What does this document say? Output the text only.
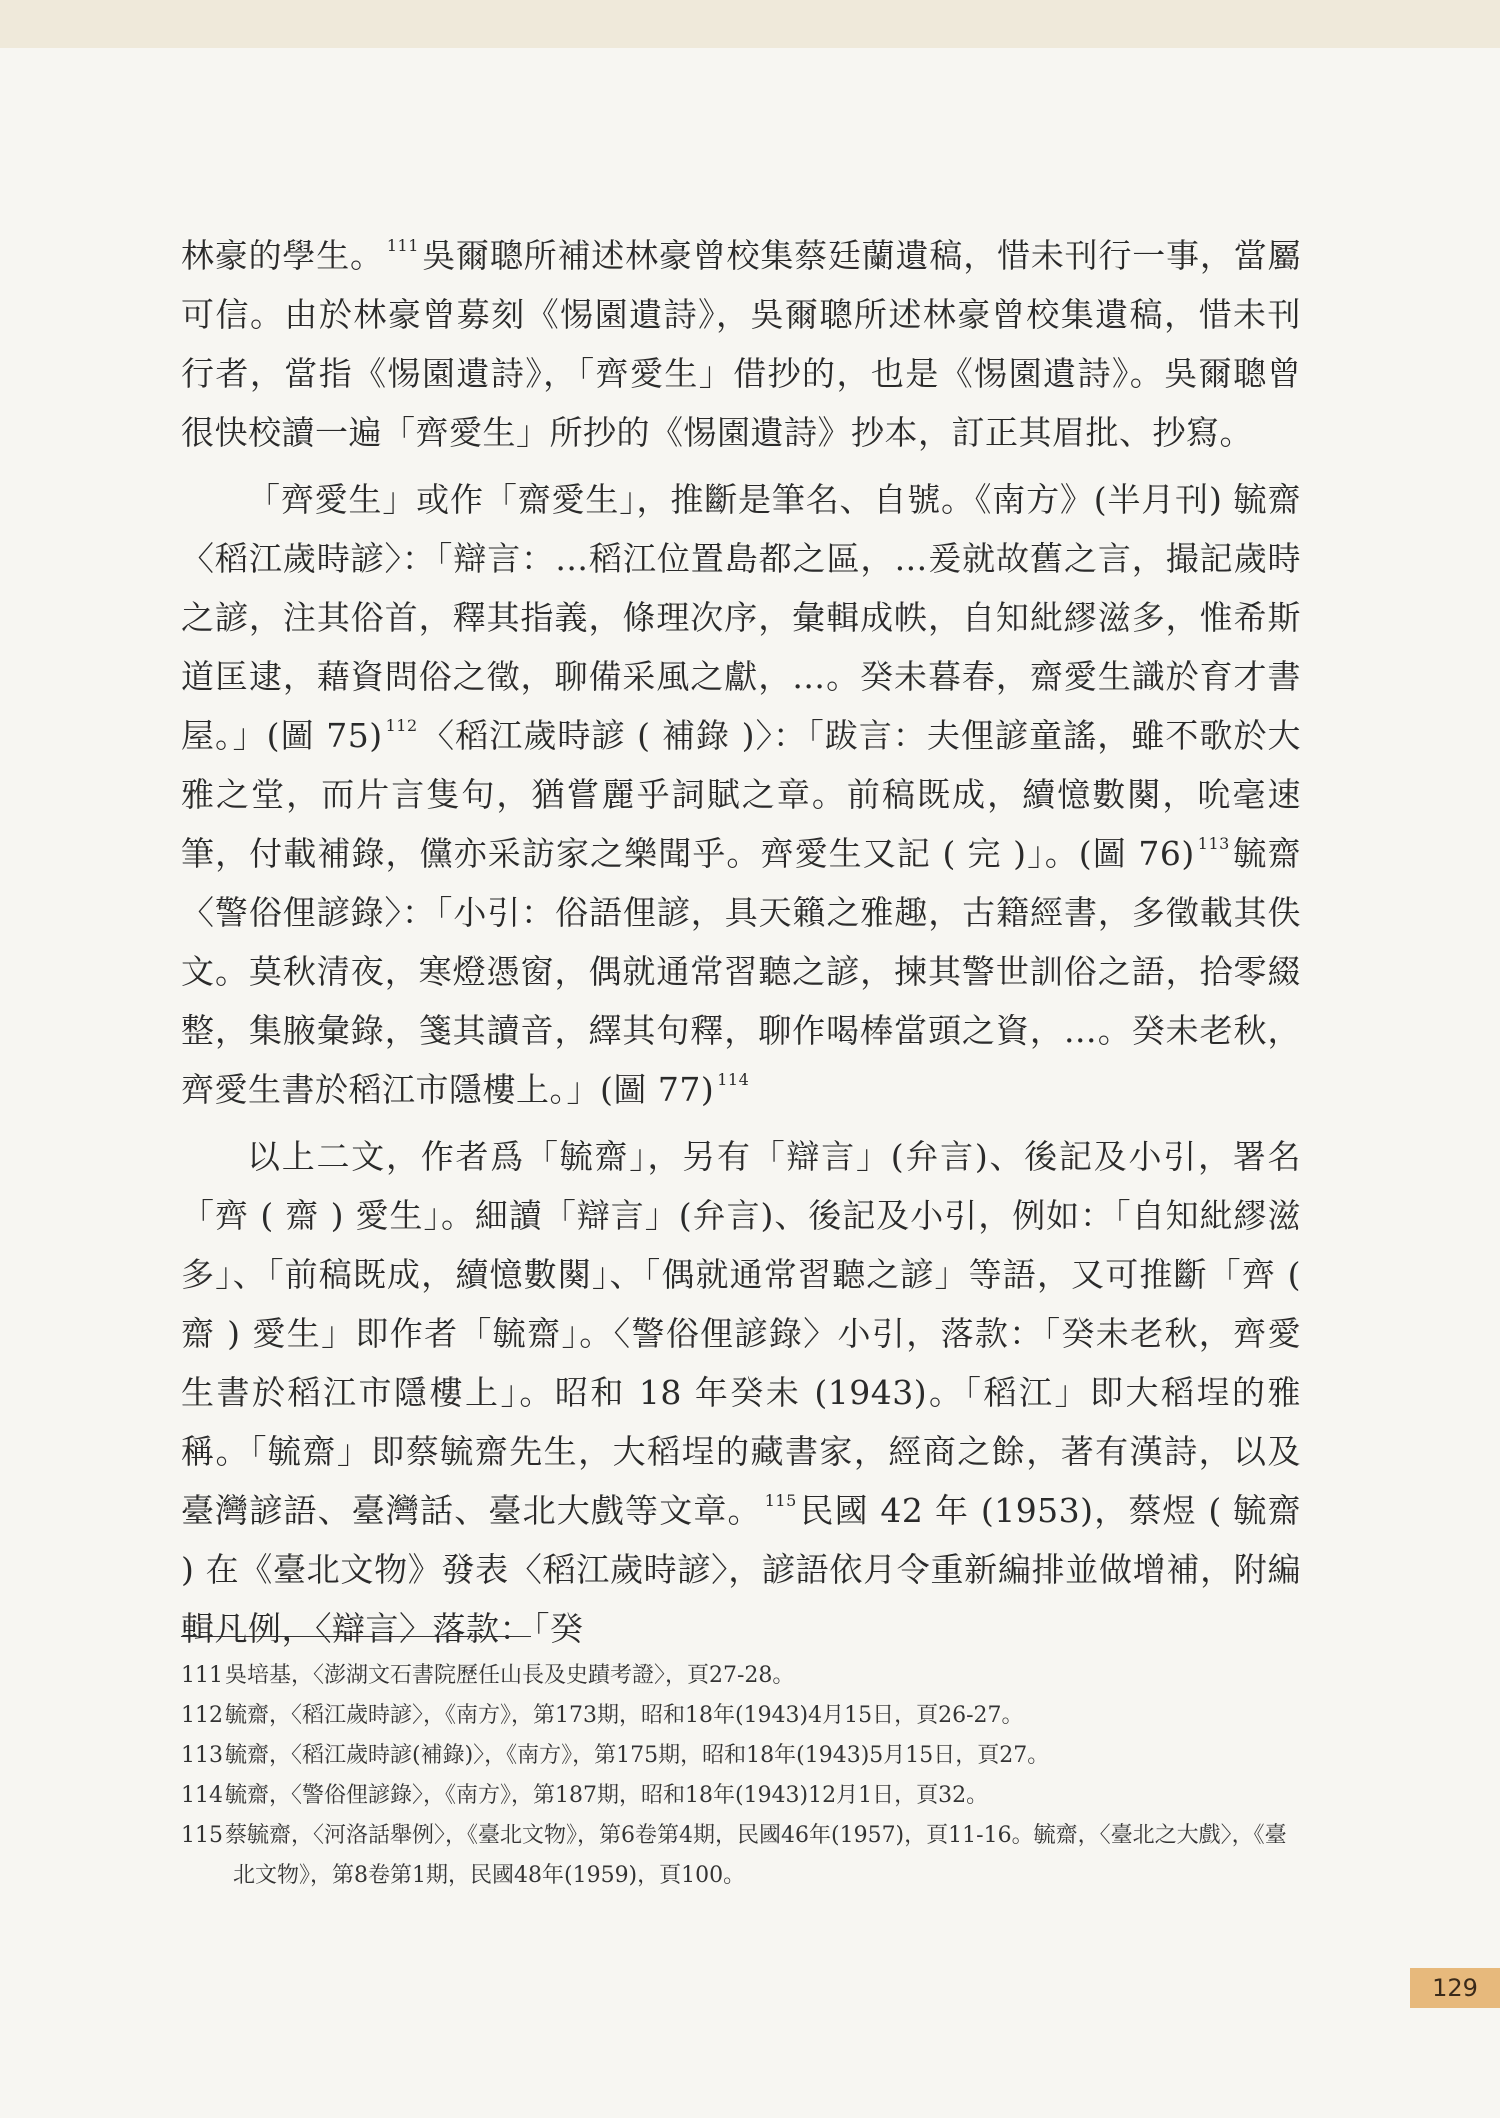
林豪的學生。 $^{111}$吳爾聰所補述林豪曾校集蔡廷蘭遺稿，惜未刊行一事，當屬可信。由於林豪曾募刻《惕園遺詩》，吳爾聰所述林豪曾校集遺稿，惜未刊行者，當指《惕園遺詩》，「齊愛生」借抄的，也是《惕園遺詩》。吳爾聰曾很快校讀一遍「齊愛生」所抄的《惕園遺詩》抄本，訂正其眉批、抄寫。

「齊愛生」或作「齋愛生」，推斷是筆名、自號。《南方》(半月刊) 毓齋〈稻江歲時諺〉：「辯言：…稻江位置島都之區，…爰就故舊之言，撮記歲時之諺，注其俗首，釋其指義，條理次序，彙輯成帙，自知紕繆滋多，惟希斯道匡逮，藉資問俗之徵，聊備采風之獻，…。癸未暮春，齋愛生識於育才書屋。」(圖 75) $^{112}$〈稻江歲時諺 ( 補錄 )〉：「跋言：夫俚諺童謠，雖不歌於大雅之堂，而片言隻句，猶嘗麗乎詞賦之章。前稿既成，續憶數闋，吮毫速筆，付載補錄，儻亦采訪家之樂聞乎。齊愛生又記 ( 完 )」。(圖 76) $^{113}$毓齋〈警俗俚諺錄〉：「小引：俗語俚諺，具天籟之雅趣，古籍經書，多徵載其佚文。莫秋清夜，寒燈憑窗，偶就通常習聽之諺，揀其警世訓俗之語，拾零綴整，集腋彙錄，箋其讀音，繹其句釋，聊作喝棒當頭之資，…。癸未老秋，齊愛生書於稻江市隱樓上。」(圖 77) $^{114}$

以上二文，作者爲「毓齋」，另有「辯言」(弁言)、後記及小引，署名「齊 ( 齋 ) 愛生」。細讀「辯言」(弁言)、後記及小引，例如：「自知紕繆滋多」、「前稿既成，續憶數闋」、「偶就通常習聽之諺」等語，又可推斷「齊 ( 齋 ) 愛生」即作者「毓齋」。〈警俗俚諺錄〉小引，落款：「癸未老秋，齊愛生書於稻江市隱樓上」。昭和 18 年癸未 (1943)。「稻江」即大稻埕的雅稱。「毓齋」即蔡毓齋先生，大稻埕的藏書家，經商之餘，著有漢詩，以及臺灣諺語、臺灣話、臺北大戲等文章。 $^{115}$民國 42 年 (1953)，蔡煜 ( 毓齋 ) 在《臺北文物》發表〈稻江歲時諺〉，諺語依月令重新編排並做增補，附編輯凡例，〈辯言〉落款：「癸

111吳培基，〈澎湖文石書院歷任山長及史蹟考證〉，頁27-28。
112毓齋，〈稻江歲時諺〉，《南方》，第173期，昭和18年(1943)4月15日，頁26-27。
113毓齋，〈稻江歲時諺(補錄)〉，《南方》，第175期，昭和18年(1943)5月15日，頁27。
114毓齋，〈警俗俚諺錄〉，《南方》，第187期，昭和18年(1943)12月1日，頁32。
115蔡毓齋，〈河洛話舉例〉，《臺北文物》，第6卷第4期，民國46年(1957)，頁11-16。毓齋，〈臺北之大戲〉，《臺北文物》，第8卷第1期，民國48年(1959)，頁100。
129
